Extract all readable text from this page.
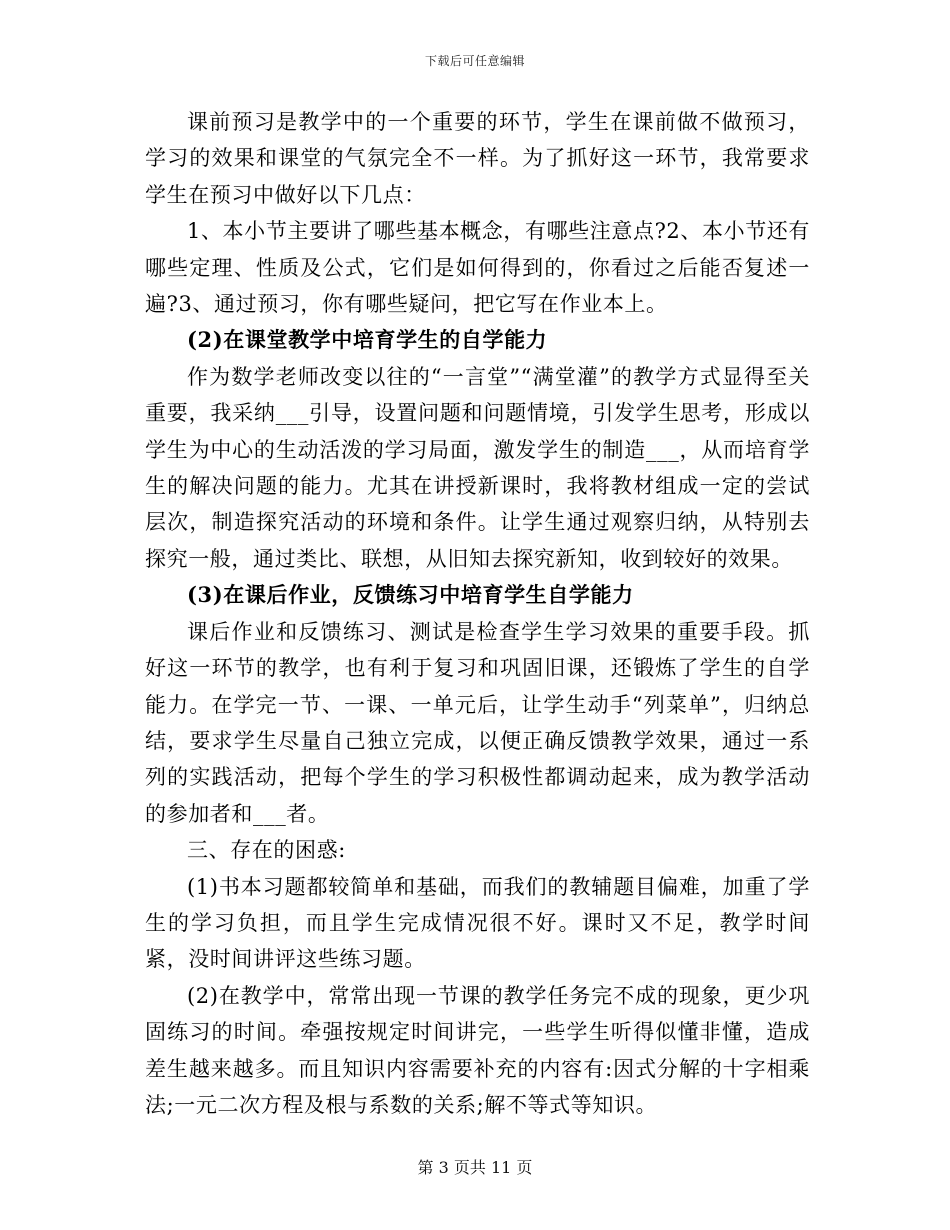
下载后可任意编辑

课前预习是教学中的一个重要的环节，学生在课前做不做预习，学习的效果和课堂的气氛完全不一样。为了抓好这一环节，我常要求学生在预习中做好以下几点：

1、本小节主要讲了哪些基本概念，有哪些注意点?2、本小节还有哪些定理、性质及公式，它们是如何得到的，你看过之后能否复述一遍?3、通过预习，你有哪些疑问，把它写在作业本上。

(2)在课堂教学中培育学生的自学能力

作为数学老师改变以往的“一言堂”“满堂灌”的教学方式显得至关重要，我采纳___引导，设置问题和问题情境，引发学生思考，形成以学生为中心的生动活泼的学习局面，激发学生的制造___，从而培育学生的解决问题的能力。尤其在讲授新课时，我将教材组成一定的尝试层次，制造探究活动的环境和条件。让学生通过观察归纳，从特别去探究一般，通过类比、联想，从旧知去探究新知，收到较好的效果。

(3)在课后作业，反馈练习中培育学生自学能力

课后作业和反馈练习、测试是检查学生学习效果的重要手段。抓好这一环节的教学，也有利于复习和巩固旧课，还锻炼了学生的自学能力。在学完一节、一课、一单元后，让学生动手“列菜单”，归纳总结，要求学生尽量自己独立完成，以便正确反馈教学效果，通过一系列的实践活动，把每个学生的学习积极性都调动起来，成为教学活动的参加者和___者。

三、存在的困惑:

(1)书本习题都较简单和基础，而我们的教辅题目偏难，加重了学生的学习负担，而且学生完成情况很不好。课时又不足，教学时间紧，没时间讲评这些练习题。

(2)在教学中，常常出现一节课的教学任务完不成的现象，更少巩固练习的时间。牵强按规定时间讲完，一些学生听得似懂非懂，造成差生越来越多。而且知识内容需要补充的内容有:因式分解的十字相乘法;一元二次方程及根与系数的关系;解不等式等知识。

第 3 页共 11 页
